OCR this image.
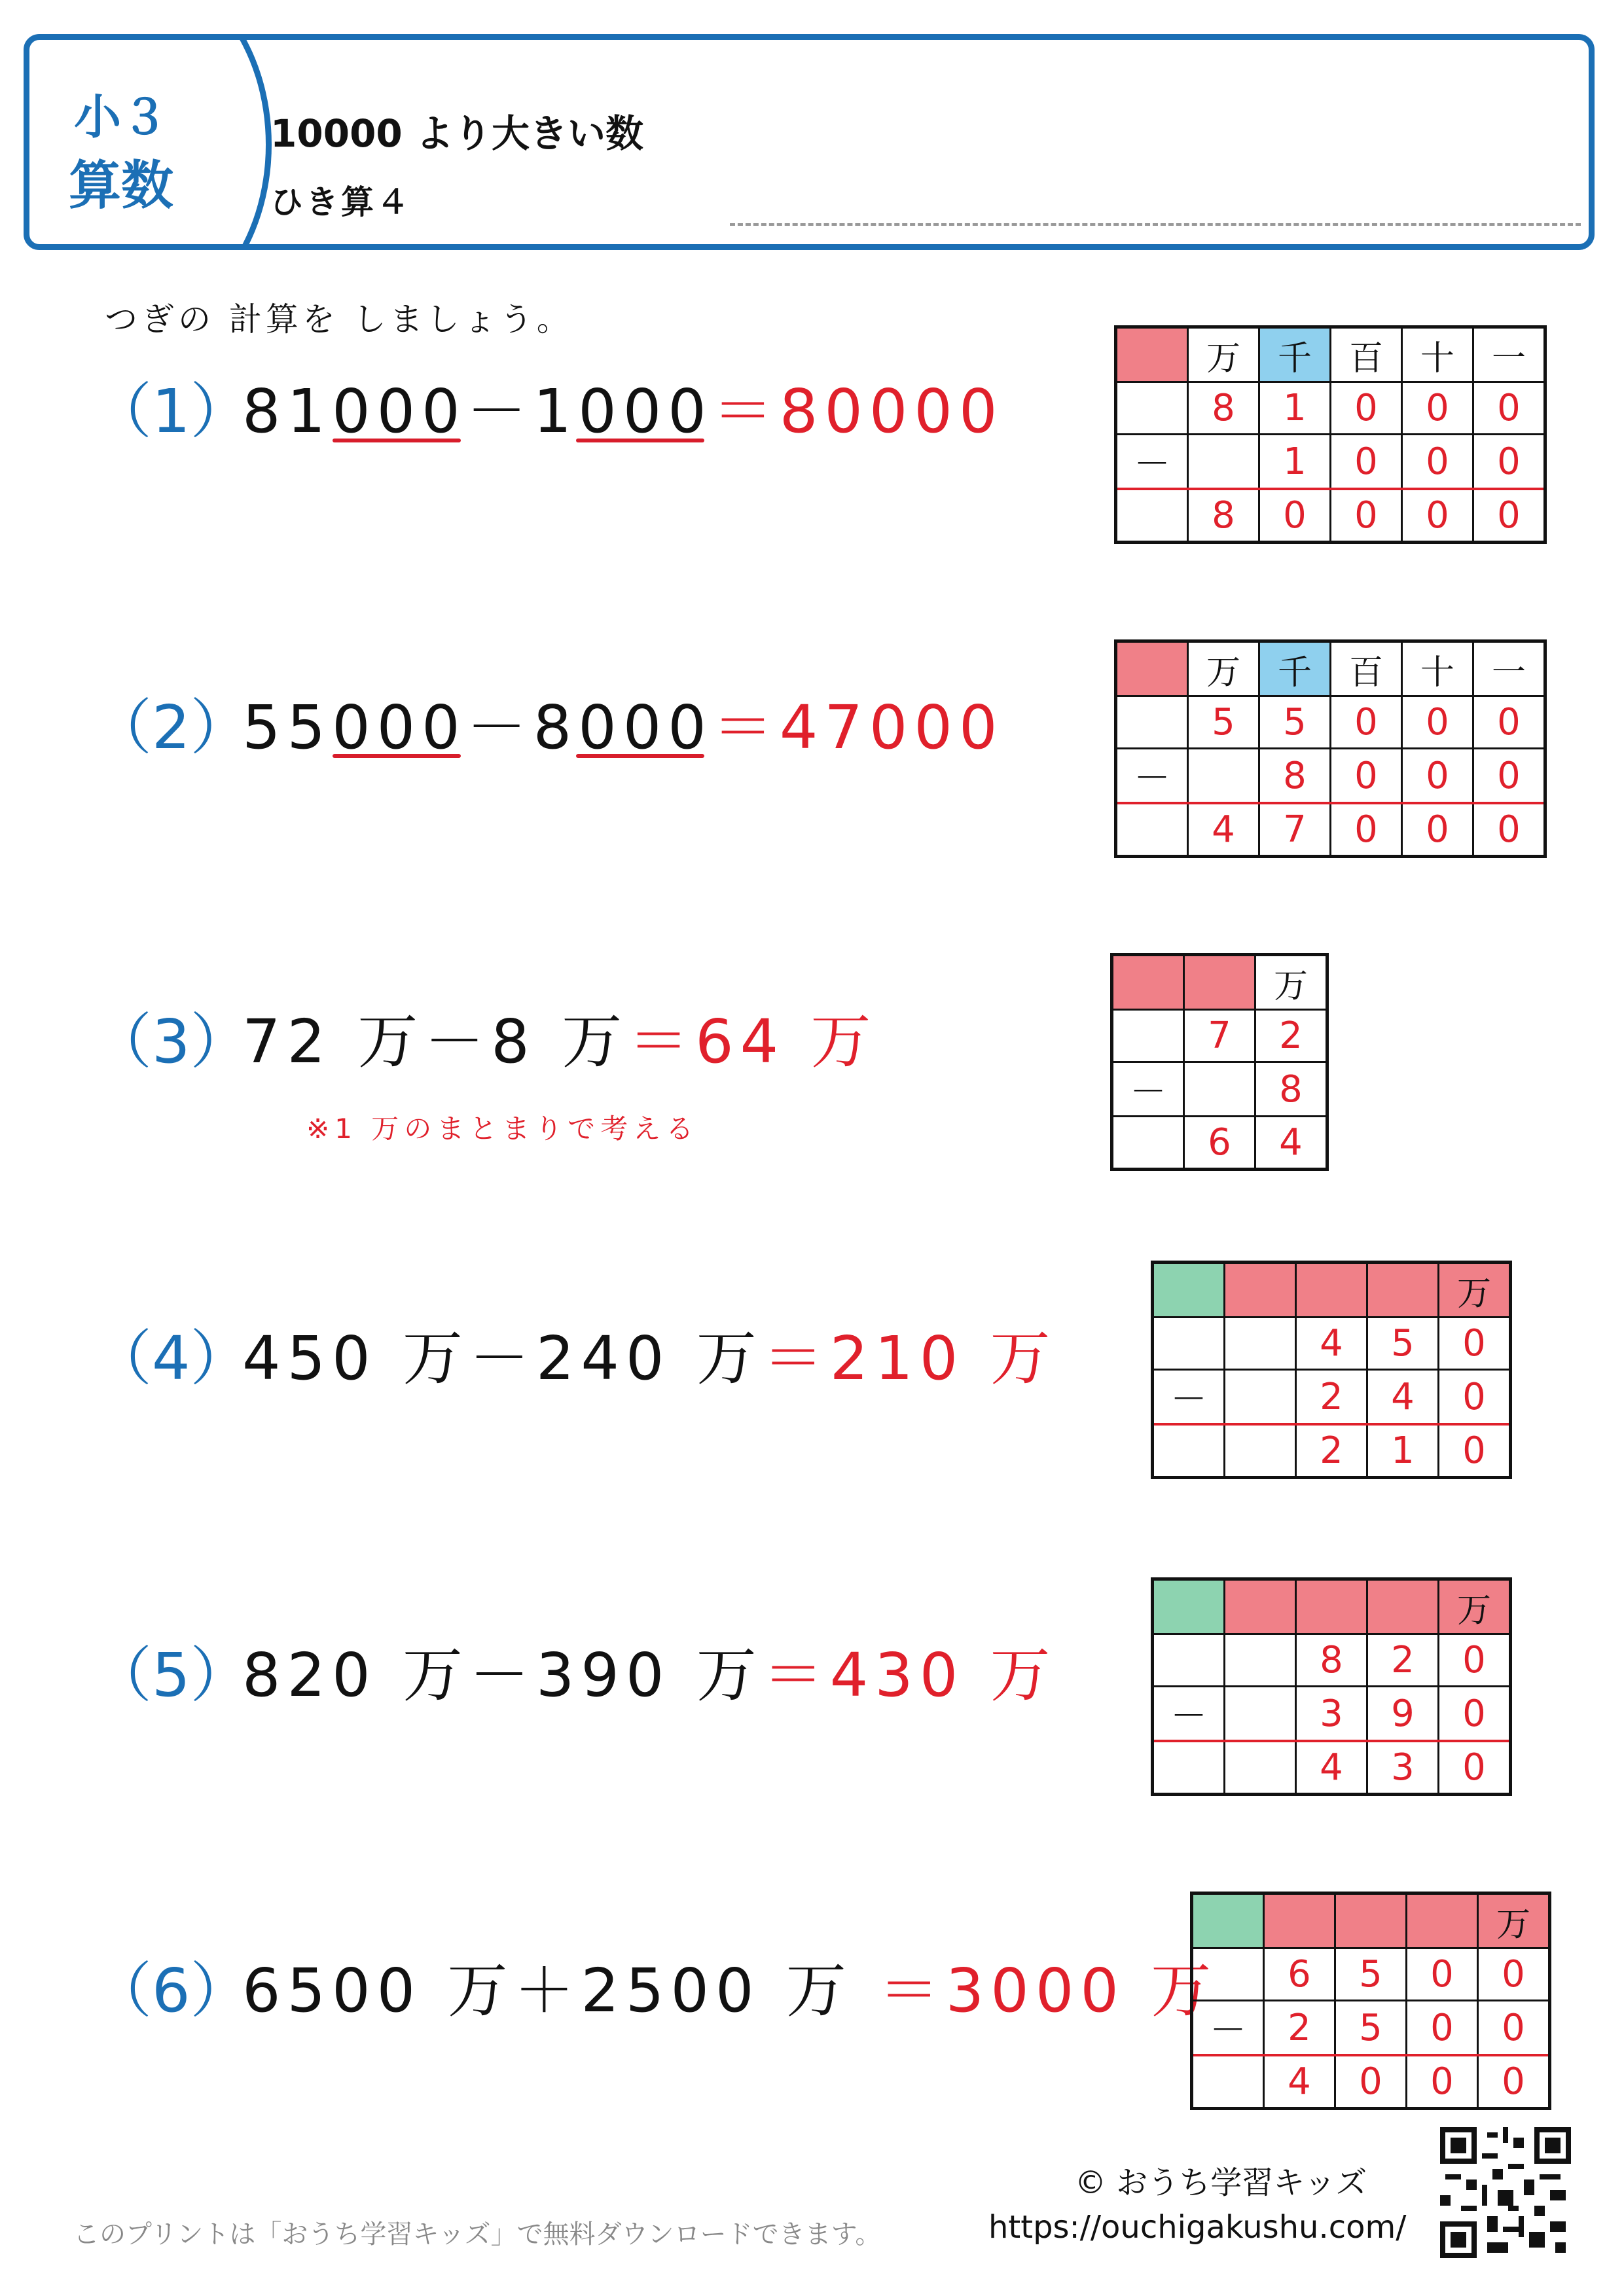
小３
算数
10000 より大きい数
ひき算４
つぎの 計算を しましょう。
（1）
81000－1000＝80000
（2）
55000－8000＝47000
（3）
72 万－8 万＝64 万
※1 万のまとまりで考える
（4）
450 万－240 万＝210 万
（5）
820 万－390 万＝430 万
（6）
6500 万＋2500 万 ＝3000 万
	万	千	百	十	一
	8	1	0	0	0
－		1	0	0	0
	8	0	0	0	0
	万	千	百	十	一
	5	5	0	0	0
－		8	0	0	0
	4	7	0	0	0
		万
	7	2
－		8
	6	4
				万
		4	5	0
－		2	4	0
		2	1	0
				万
		8	2	0
－		3	9	0
		4	3	0
				万
	6	5	0	0
－	2	5	0	0
	4	0	0	0
このプリントは「おうち学習キッズ」で無料ダウンロードできます。
© おうち学習キッズ
https://ouchigakushu.com/
